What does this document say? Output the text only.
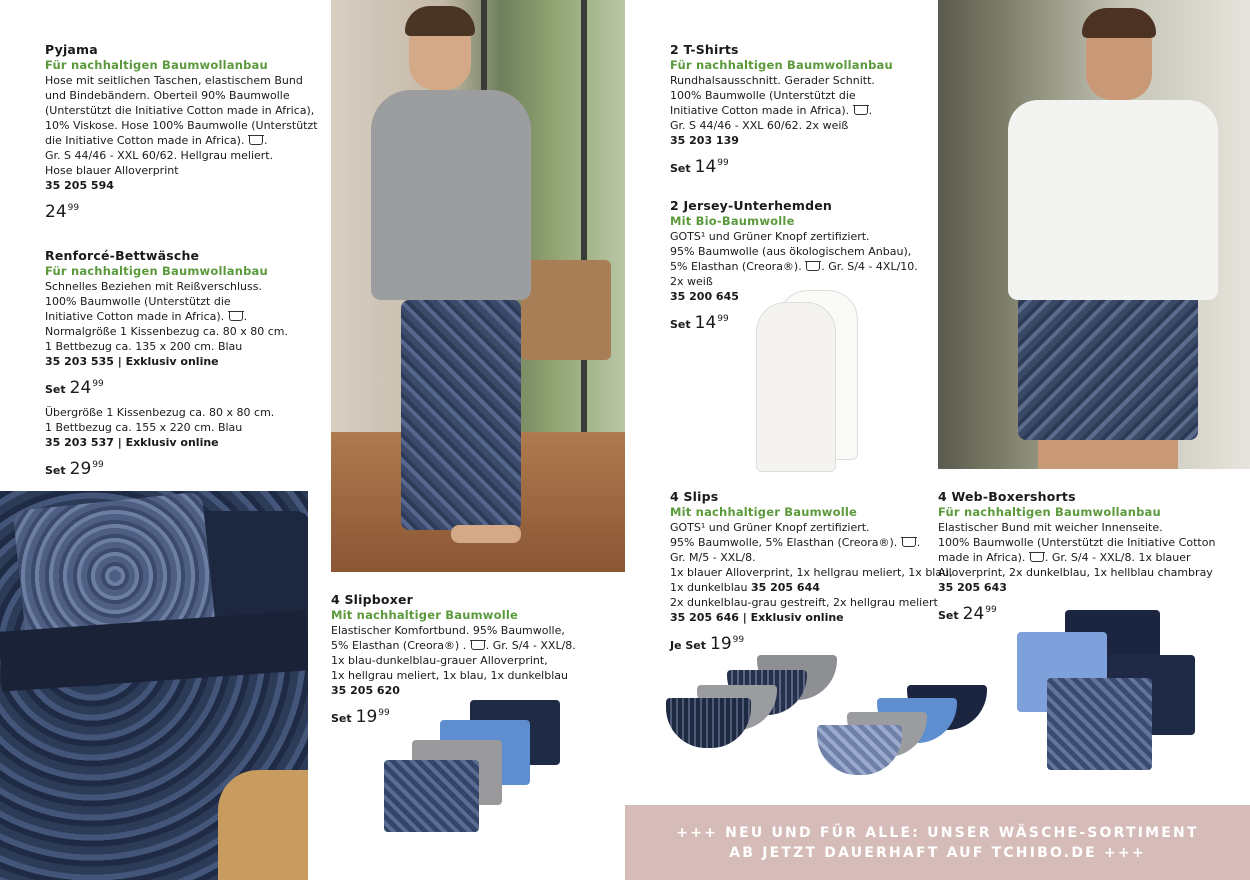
Pyjama
Für nachhaltigen Baumwollanbau
Hose mit seitlichen Taschen, elastischem Bund
und Bindebändern. Oberteil 90% Baumwolle
(Unterstützt die Initiative Cotton made in Africa),
10% Viskose. Hose 100% Baumwolle (Unterstützt
die Initiative Cotton made in Africa). .
Gr. S 44/46 - XXL 60/62. Hellgrau meliert.
Hose blauer Alloverprint
35 205 594
$24^{99}$
Renforcé-Bettwäsche
Für nachhaltigen Baumwollanbau
Schnelles Beziehen mit Reißverschluss.
100% Baumwolle (Unterstützt die
Initiative Cotton made in Africa). .
Normalgröße 1 Kissenbezug ca. 80 x 80 cm.
1 Bettbezug ca. 135 x 200 cm. Blau
35 203 535 | Exklusiv online
Set $24^{99}$
Übergröße 1 Kissenbezug ca. 80 x 80 cm.
1 Bettbezug ca. 155 x 220 cm. Blau
35 203 537 | Exklusiv online
Set $29^{99}$
4 Slipboxer
Mit nachhaltiger Baumwolle
Elastischer Komfortbund. 95% Baumwolle,
5% Elasthan (Creora®) . . Gr. S/4 - XXL/8.
1x blau-dunkelblau-grauer Alloverprint,
1x hellgrau meliert, 1x blau, 1x dunkelblau
35 205 620
Set $19^{99}$
2 T-Shirts
Für nachhaltigen Baumwollanbau
Rundhalsausschnitt. Gerader Schnitt.
100% Baumwolle (Unterstützt die
Initiative Cotton made in Africa). .
Gr. S 44/46 - XXL 60/62. 2x weiß
35 203 139
Set $14^{99}$
2 Jersey-Unterhemden
Mit Bio-Baumwolle
GOTS¹ und Grüner Knopf zertifiziert.
95% Baumwolle (aus ökologischem Anbau),
5% Elasthan (Creora®). . Gr. S/4 - 4XL/10.
2x weiß
35 200 645
Set $14^{99}$
4 Slips
Mit nachhaltiger Baumwolle
GOTS¹ und Grüner Knopf zertifiziert.
95% Baumwolle, 5% Elasthan (Creora®). .
Gr. M/5 - XXL/8.
1x blauer Alloverprint, 1x hellgrau meliert, 1x blau,
1x dunkelblau 35 205 644
2x dunkelblau-grau gestreift, 2x hellgrau meliert
35 205 646 | Exklusiv online
Je Set $19^{99}$
4 Web-Boxershorts
Für nachhaltigen Baumwollanbau
Elastischer Bund mit weicher Innenseite.
100% Baumwolle (Unterstützt die Initiative Cotton
made in Africa). . Gr. S/4 - XXL/8. 1x blauer
Alloverprint, 2x dunkelblau, 1x hellblau chambray
35 205 643
Set $24^{99}$
+++ NEU UND FÜR ALLE: UNSER WÄSCHE-SORTIMENT
AB JETZT DAUERHAFT AUF TCHIBO.DE +++
